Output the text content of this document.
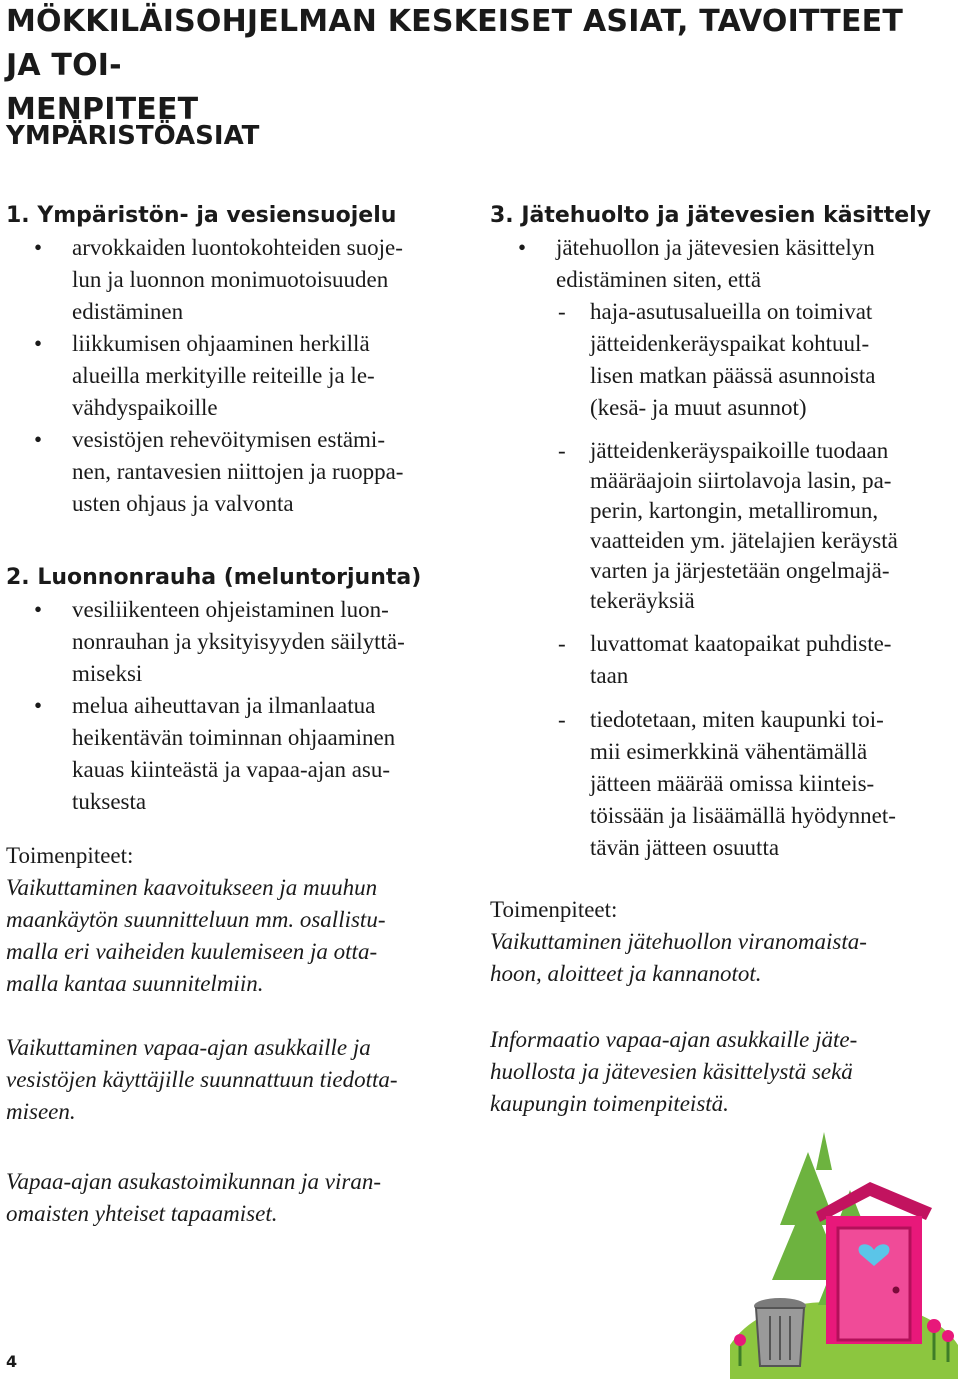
MÖKKILÄISOHJELMAN KESKEISET ASIAT, TAVOITTEET JA TOI-
MENPITEET
YMPÄRISTÖASIAT
1. Ympäristön- ja vesiensuojelu
• arvokkaiden luontokohteiden suoje-
lun ja luonnon monimuotoisuuden
edistäminen
• liikkumisen ohjaaminen herkillä
alueilla merkityille reiteille ja le-
vähdyspaikoille
• vesistöjen rehevöitymisen estämi-
nen, rantavesien niittojen ja ruoppa-
usten ohjaus ja valvonta
2. Luonnonrauha (meluntorjunta)
• vesiliikenteen ohjeistaminen luon-
nonrauhan ja yksityisyyden säilyttä-
miseksi
• melua aiheuttavan ja ilmanlaatua
heikentävän toiminnan ohjaaminen
kauas kiinteästä ja vapaa-ajan asu-
tuksesta

Toimenpiteet:

Vaikuttaminen kaavoitukseen ja muuhun
maankäytön suunnitteluun mm. osallistu-
malla eri vaiheiden kuulemiseen ja otta-
malla kantaa suunnitelmiin.

Vaikuttaminen vapaa-ajan asukkaille ja
vesistöjen käyttäjille suunnattuun tiedotta-
miseen.

Vapaa-ajan asukastoimikunnan ja viran-
omaisten yhteiset tapaamiset.

3. Jätehuolto ja jätevesien käsittely
• jätehuollon ja jätevesien käsittelyn
edistäminen siten, että
- haja-asutusalueilla on toimivat
jätteidenkeräyspaikat kohtuul-
lisen matkan päässä asunnoista
(kesä- ja muut asunnot)
- jätteidenkeräyspaikoille tuodaan
määräajoin siirtolavoja lasin, pa-
perin, kartongin, metalliromun,
vaatteiden ym. jätelajien keräystä
varten ja järjestetään ongelmajä-
tekeräyksiä
- luvattomat kaatopaikat puhdiste-
taan
- tiedotetaan, miten kaupunki toi-
mii esimerkkinä vähentämällä
jätteen määrää omissa kiinteis-
töissään ja lisäämällä hyödynnet-
tävän jätteen osuutta

Toimenpiteet:

Vaikuttaminen jätehuollon viranomaista-
hoon, aloitteet ja kannanotot.

Informaatio vapaa-ajan asukkaille jäte-
huollosta ja jätevesien käsittelystä sekä
kaupungin toimenpiteistä.

4
